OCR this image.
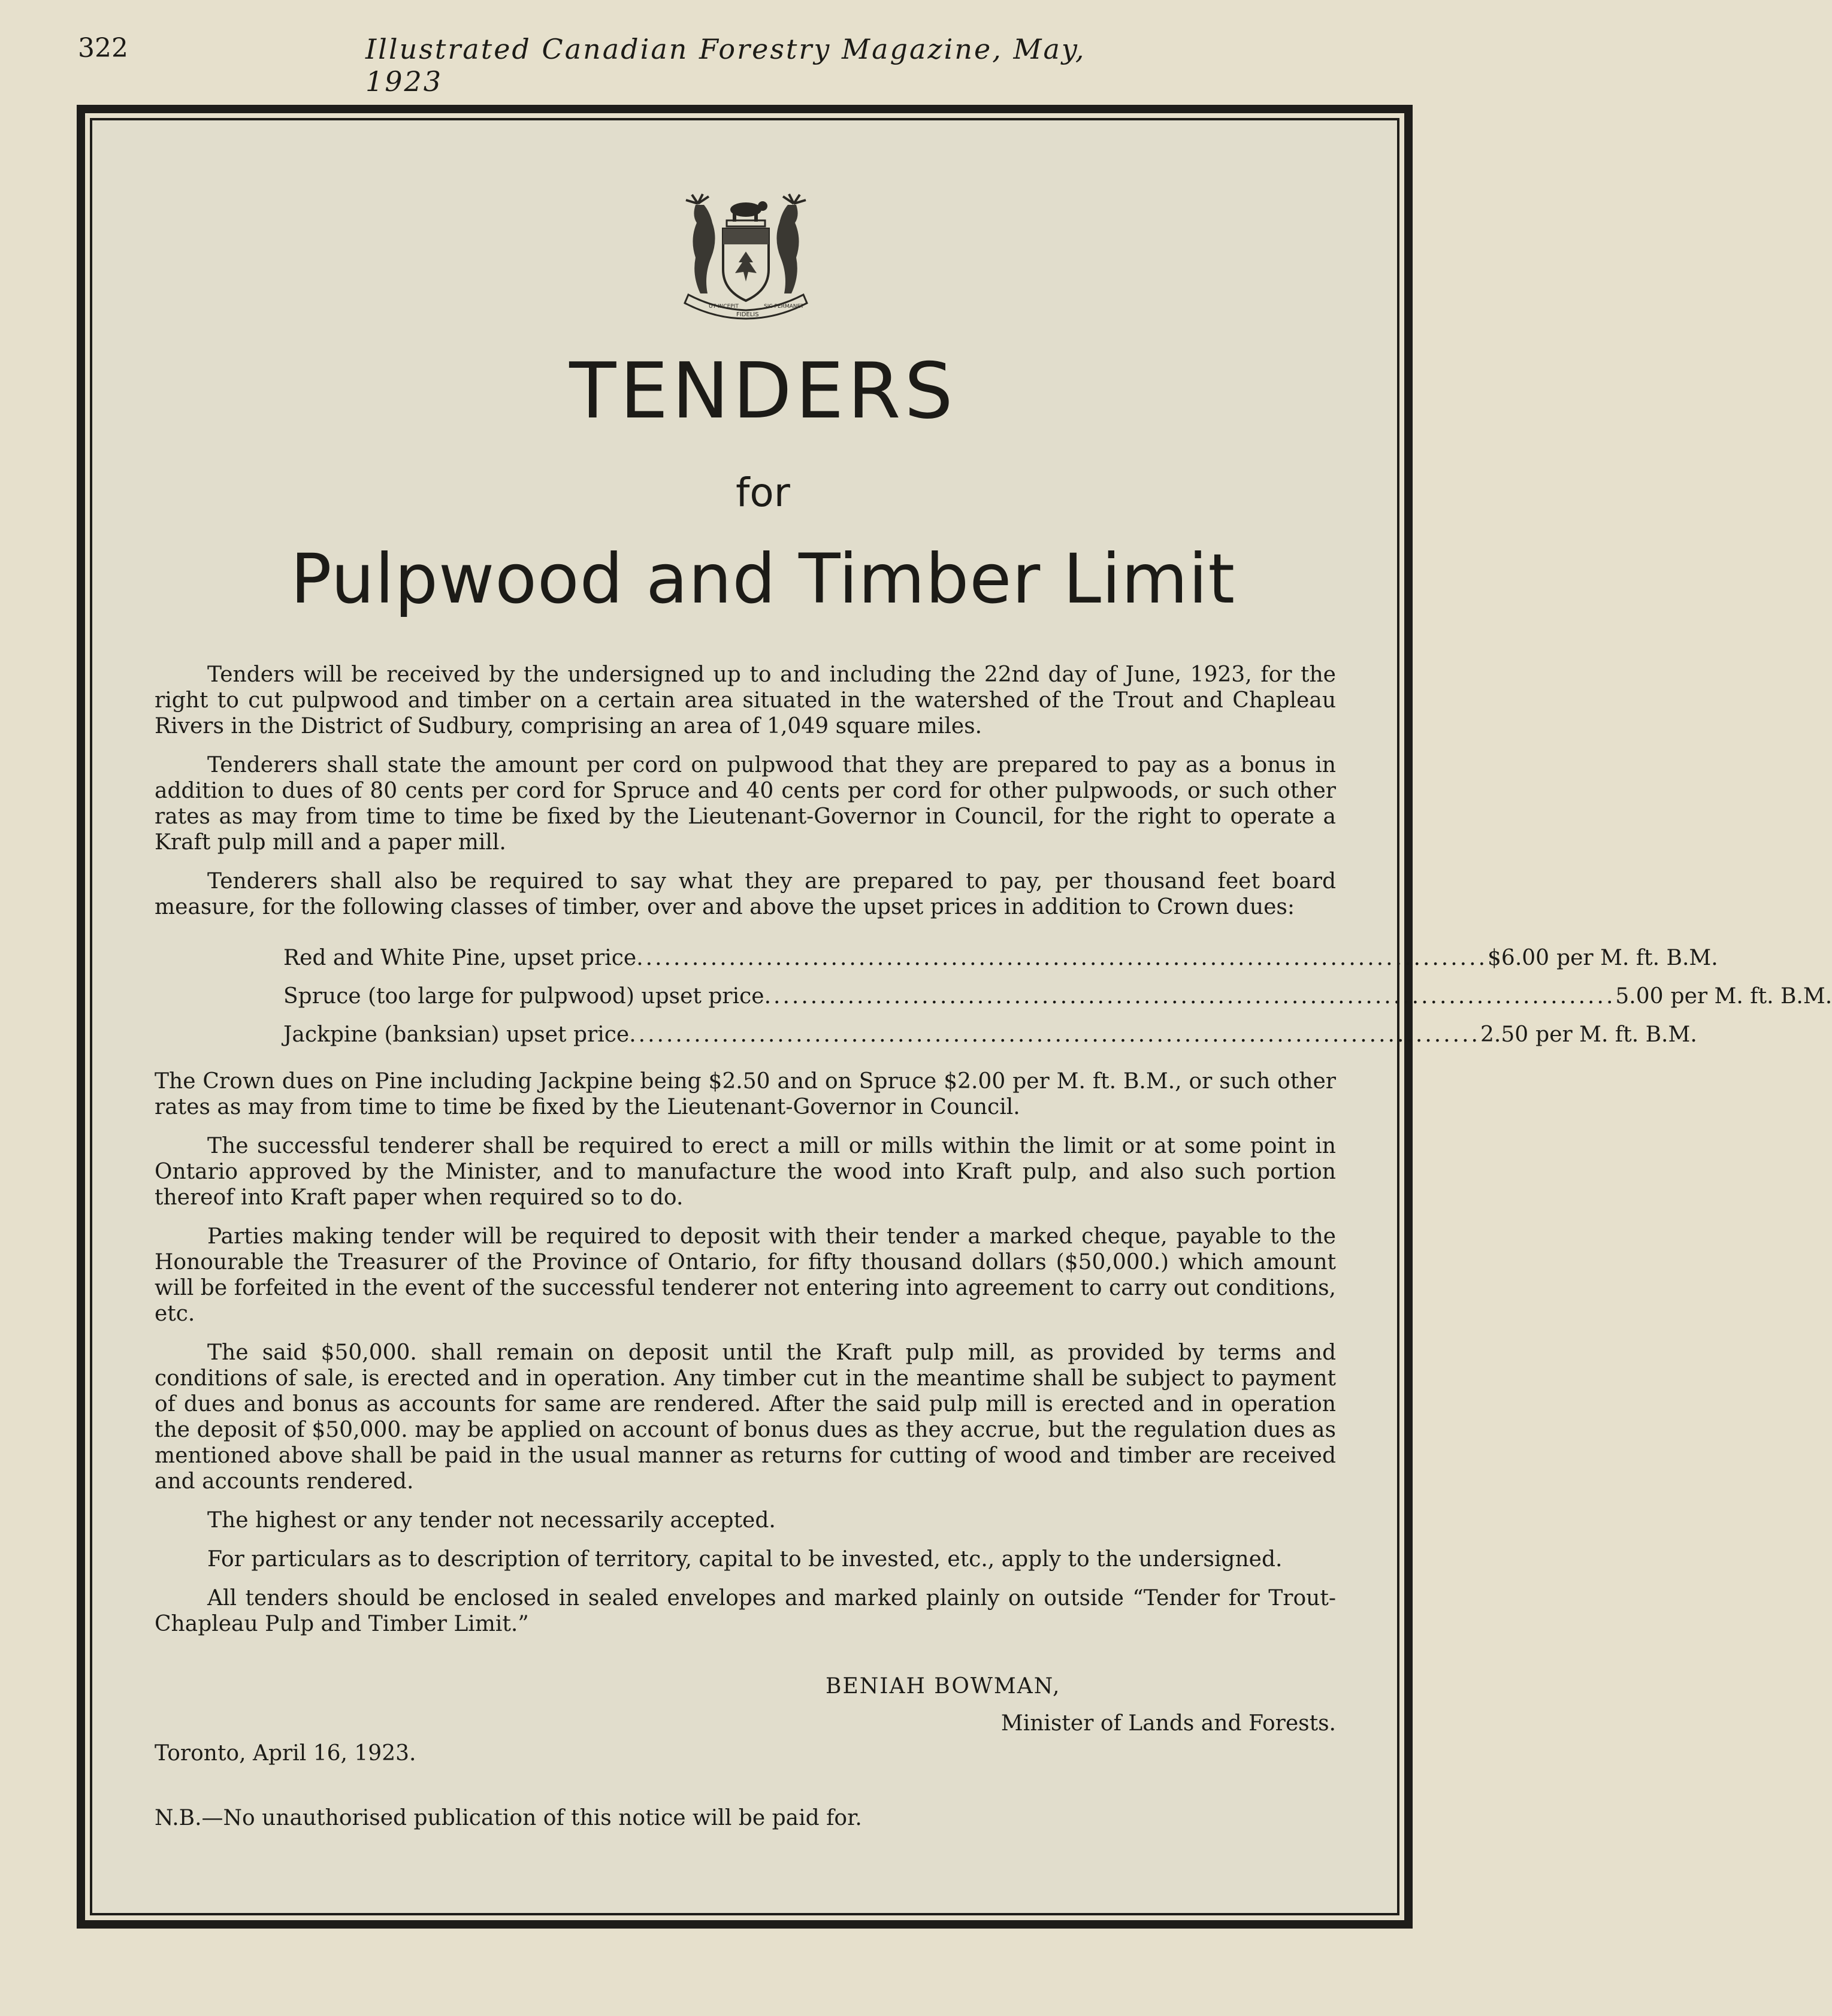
322	Illustrated Canadian Forestry Magazine, May, 1923
UT INCEPIT
FIDELIS
SIC PERMANET
TENDERS
for
Pulpwood and Timber Limit

Tenders will be received by the undersigned up to and including the 22nd day of June, 1923, for the right to cut pulpwood and timber on a certain area situated in the watershed of the Trout and Chapleau Rivers in the District of Sudbury, comprising an area of 1,049 square miles.

Tenderers shall state the amount per cord on pulpwood that they are prepared to pay as a bonus in addition to dues of 80 cents per cord for Spruce and 40 cents per cord for other pulpwoods, or such other rates as may from time to time be fixed by the Lieutenant-Governor in Council, for the right to operate a Kraft pulp mill and a paper mill.

Tenderers shall also be required to say what they are prepared to pay, per thousand feet board measure, for the following classes of timber, over and above the upset prices in addition to Crown dues:

Red and White Pine, upset price ............................................................................................ $6.00 per M. ft. B.M.
Spruce (too large for pulpwood) upset price ............................................................................................ 5.00 per M. ft. B.M.
Jackpine (banksian) upset price ............................................................................................ 2.50 per M. ft. B.M.

The Crown dues on Pine including Jackpine being $2.50 and on Spruce $2.00 per M. ft. B.M., or such other rates as may from time to time be fixed by the Lieutenant-Governor in Council.

The successful tenderer shall be required to erect a mill or mills within the limit or at some point in Ontario approved by the Minister, and to manufacture the wood into Kraft pulp, and also such portion thereof into Kraft paper when required so to do.

Parties making tender will be required to deposit with their tender a marked cheque, payable to the Honourable the Treasurer of the Province of Ontario, for fifty thousand dollars ($50,000.) which amount will be forfeited in the event of the successful tenderer not entering into agreement to carry out conditions, etc.

The said $50,000. shall remain on deposit until the Kraft pulp mill, as provided by terms and conditions of sale, is erected and in operation. Any timber cut in the meantime shall be subject to payment of dues and bonus as accounts for same are rendered. After the said pulp mill is erected and in operation the deposit of $50,000. may be applied on account of bonus dues as they accrue, but the regulation dues as mentioned above shall be paid in the usual manner as returns for cutting of wood and timber are received and accounts rendered.

The highest or any tender not necessarily accepted.

For particulars as to description of territory, capital to be invested, etc., apply to the undersigned.

All tenders should be enclosed in sealed envelopes and marked plainly on outside “Tender for Trout-Chapleau Pulp and Timber Limit.”

BENIAH BOWMAN,
Minister of Lands and Forests.
Toronto, April 16, 1923.
N.B.—No unauthorised publication of this notice will be paid for.
